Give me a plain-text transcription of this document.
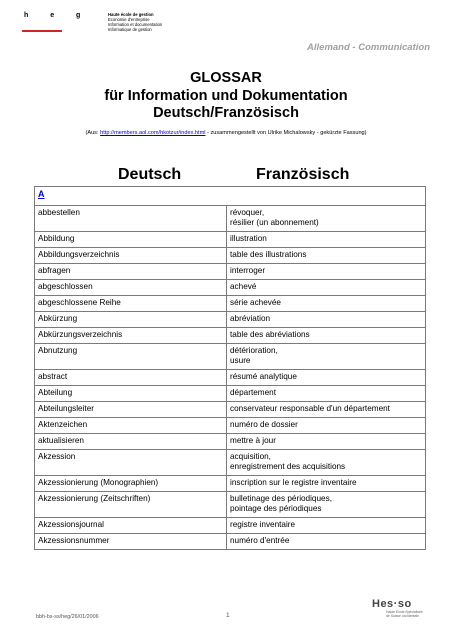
h e g	Haute école de gestion
Economie d'entreprise
Information et documentation
Informatique de gestion
Allemand - Communication
GLOSSAR
für Information und Dokumentation
Deutsch/Französisch
(Aus: http://members.aol.com/hkotzur/index.html - zusammengestellt von Ulrike Michalowsky - gekürzte Fassung)
Deutsch	Französisch
A	
abbestellen	révoquer,
résilier (un abonnement)

Abbildung	illustration

Abbildungsverzeichnis	table des illustrations

abfragen	interroger

abgeschlossen	achevé

abgeschlossene Reihe	série achevée

Abkürzung	abréviation

Abkürzungsverzeichnis	table des abréviations

Abnutzung	détérioration,
usure

abstract	résumé analytique

Abteilung	département

Abteilungsleiter	conservateur responsable d'un département

Aktenzeichen	numéro de dossier

aktualisieren	mettre à jour

Akzession	acquisition,
enregistrement des acquisitions

Akzessionierung (Monographien)	inscription sur le registre inventaire

Akzessionierung (Zeitschriften)	bulletinage des périodiques,
pointage des périodiques

Akzessionsjournal	registre inventaire

Akzessionsnummer	numéro d'entrée
bbh-bs-ss/heg/26/01/2006	1
Hes·so
Haute Ecole Spécialisée
de Suisse occidentale
